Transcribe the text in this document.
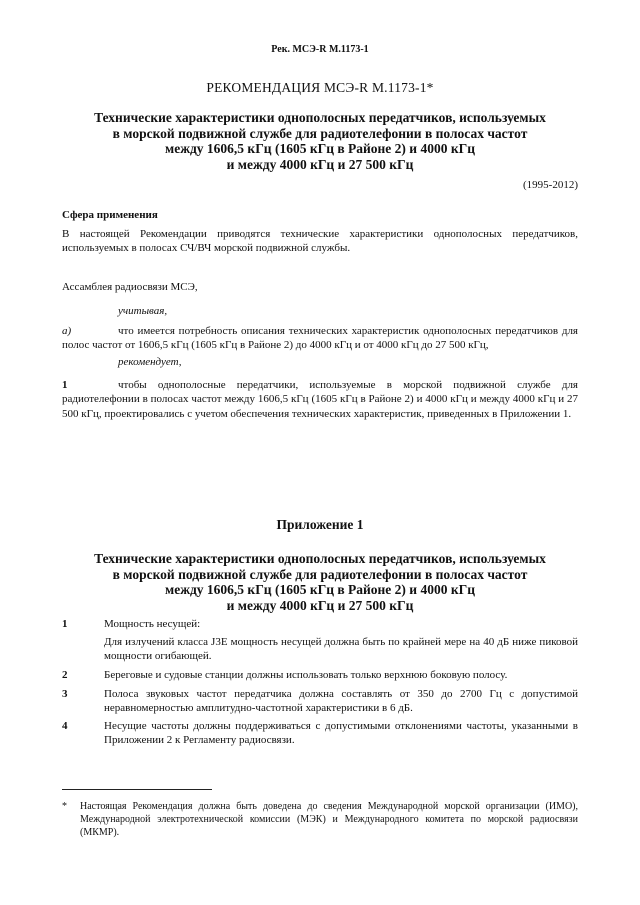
Рек. МСЭ-R M.1173-1
РЕКОМЕНДАЦИЯ МСЭ-R M.1173-1*
Технические характеристики однополосных передатчиков, используемых
в морской подвижной службе для радиотелефонии в полосах частот
между 1606,5 кГц (1605 кГц в Районе 2) и 4000 кГц
и между 4000 кГц и 27 500 кГц
(1995-2012)
Сфера применения
В настоящей Рекомендации приводятся технические характеристики однополосных передатчиков, используемых в полосах СЧ/ВЧ морской подвижной службы.
Ассамблея радиосвязи МСЭ,
учитывая,
a)	что имеется потребность описания технических характеристик однополосных передатчиков для полос частот от 1606,5 кГц (1605 кГц в Районе 2) до 4000 кГц и от 4000 кГц до 27 500 кГц,
рекомендует,
1	чтобы однополосные передатчики, используемые в морской подвижной службе для радиотелефонии в полосах частот между 1606,5 кГц (1605 кГц в Районе 2) и 4000 кГц и между 4000 кГц и 27 500 кГц, проектировались с учетом обеспечения технических характеристик, приведенных в Приложении 1.
Приложение 1
Технические характеристики однополосных передатчиков, используемых
в морской подвижной службе для радиотелефонии в полосах частот
между 1606,5 кГц (1605 кГц в Районе 2) и 4000 кГц
и между 4000 кГц и 27 500 кГц
1	Мощность несущей:
Для излучений класса J3E мощность несущей должна быть по крайней мере на 40 дБ ниже пиковой мощности огибающей.
2	Береговые и судовые станции должны использовать только верхнюю боковую полосу.
3	Полоса звуковых частот передатчика должна составлять от 350 до 2700 Гц с допустимой неравномерностью амплитудно-частотной характеристики в 6 дБ.
4	Несущие частоты должны поддерживаться с допустимыми отклонениями частоты, указанными в Приложении 2 к Регламенту радиосвязи.
* Настоящая Рекомендация должна быть доведена до сведения Международной морской организации (ИМО), Международной электротехнической комиссии (МЭК) и Международного комитета по морской радиосвязи (МКМР).
